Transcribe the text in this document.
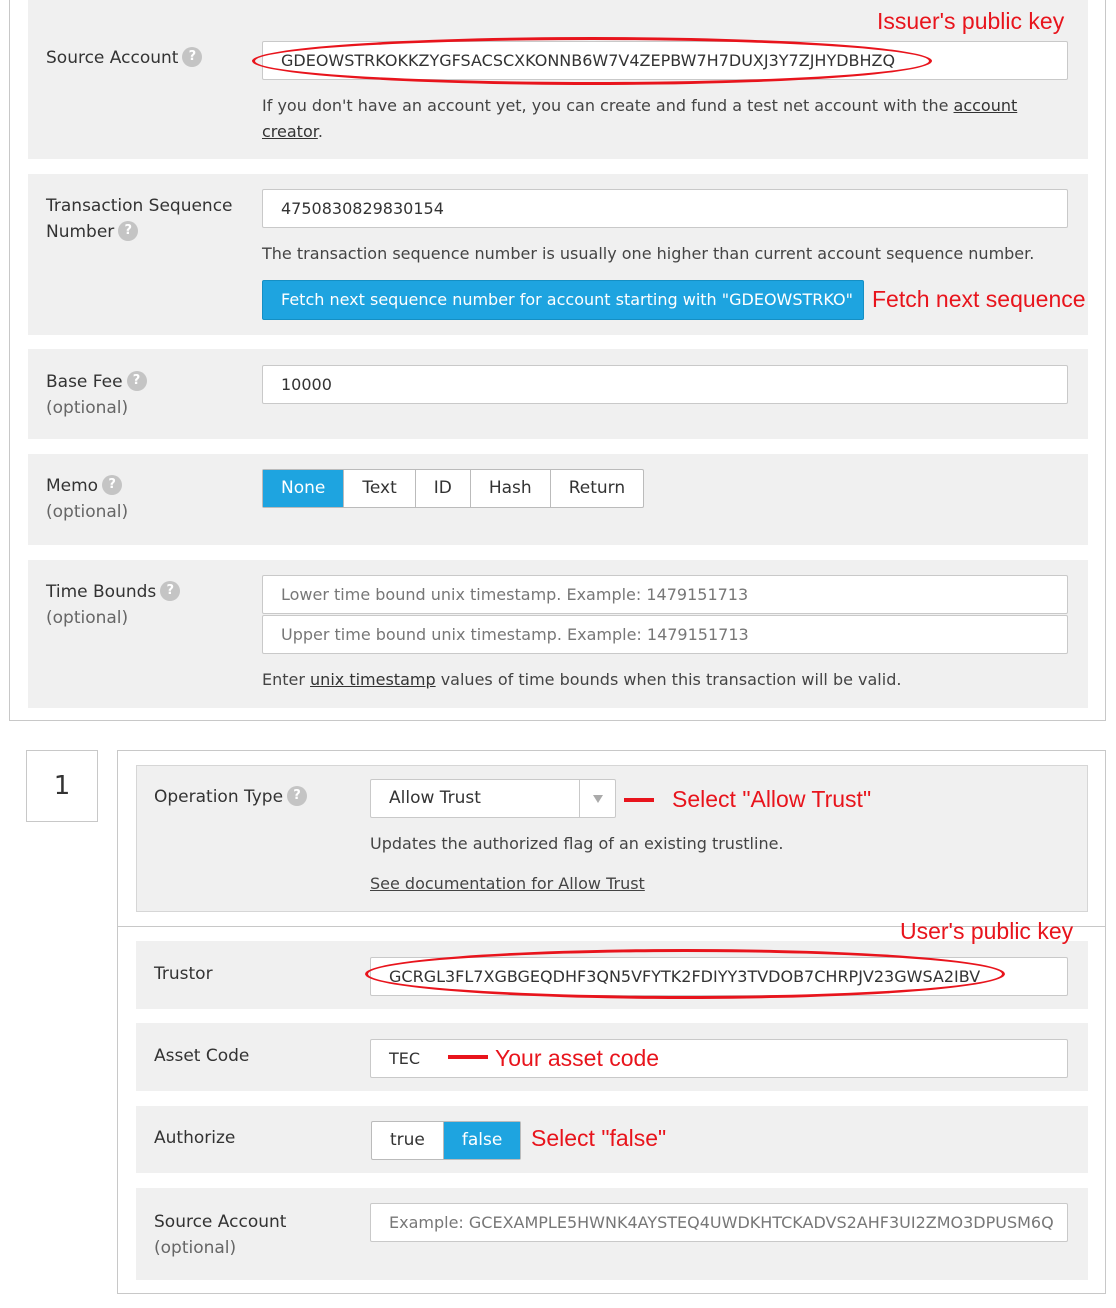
Source Account ?	GDEOWSTRKOKKZYGFSACSCXKONNB6W7V4ZEPBW7H7DUXJ3Y7ZJHYDBHZQ
If you don't have an account yet, you can create and fund a test net account with the account creator.
Transaction Sequence Number ?
4750830829830154
The transaction sequence number is usually one higher than current account sequence number.
Fetch next sequence number for account starting with "GDEOWSTRKO"
Base Fee ?
(optional)
10000
Memo ?
(optional)
None	Text	ID	Hash	Return
Time Bounds ?
(optional)
Lower time bound unix timestamp. Example: 1479151713
Upper time bound unix timestamp. Example: 1479151713
Enter unix timestamp values of time bounds when this transaction will be valid.
1	Operation Type ?	Allow Trust
Updates the authorized flag of an existing trustline.
See documentation for Allow Trust
Trustor	GCRGL3FL7XGBGEQDHF3QN5VFYTK2FDIYY3TVDOB7CHRPJV23GWSA2IBV
Asset Code	TEC
Authorize	true	false
Source Account
(optional)
Example: GCEXAMPLE5HWNK4AYSTEQ4UWDKHTCKADVS2AHF3UI2ZMO3DPUSM6Q
Issuer's public key
Fetch next sequence
Select "Allow Trust"
User's public key
Your asset code
Select "false"
